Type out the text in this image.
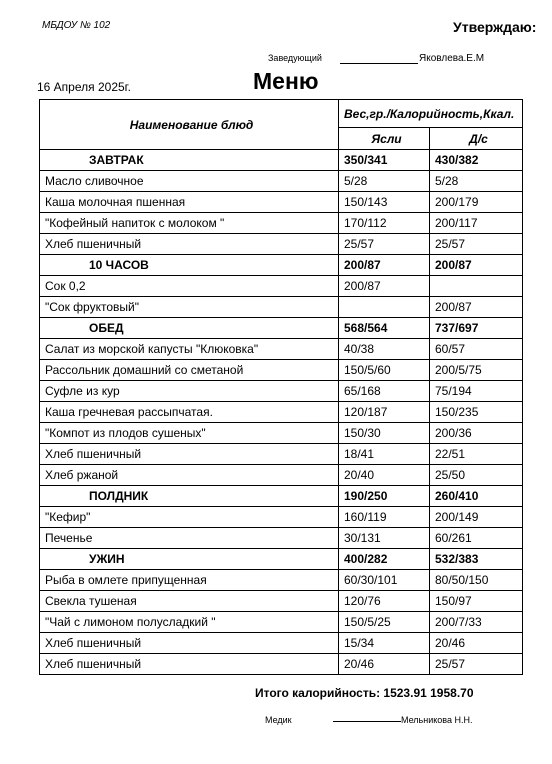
МБДОУ № 102	Утверждаю:
Заведующий	Яковлева.Е.М
16 Апреля 2025г.	Меню
Наименование блюд	Вес,гр./Калорийность,Ккал.	
	Ясли	Д/с
ЗАВТРАК	350/341	430/382
Масло сливочное	5/28	5/28
Каша молочная пшенная	150/143	200/179
"Кофейный напиток с молоком "	170/112	200/117
Хлеб пшеничный	25/57	25/57
10 ЧАСОВ	200/87	200/87
Сок 0,2	200/87	
"Сок фруктовый"		200/87
ОБЕД	568/564	737/697
Салат из морской капусты "Клюковка"	40/38	60/57
Рассольник домашний со сметаной	150/5/60	200/5/75
Суфле из кур	65/168	75/194
Каша гречневая рассыпчатая.	120/187	150/235
"Компот из плодов сушеных"	150/30	200/36
Хлеб пшеничный	18/41	22/51
Хлеб ржаной	20/40	25/50
ПОЛДНИК	190/250	260/410
"Кефир"	160/119	200/149
Печенье	30/131	60/261
УЖИН	400/282	532/383
Рыба в омлете припущенная	60/30/101	80/50/150
Свекла тушеная	120/76	150/97
"Чай с лимоном полусладкий "	150/5/25	200/7/33
Хлеб пшеничный	15/34	20/46
Хлеб пшеничный	20/46	25/57
Итого калорийность: 1523.91 1958.70
Медик	Мельникова Н.Н.
